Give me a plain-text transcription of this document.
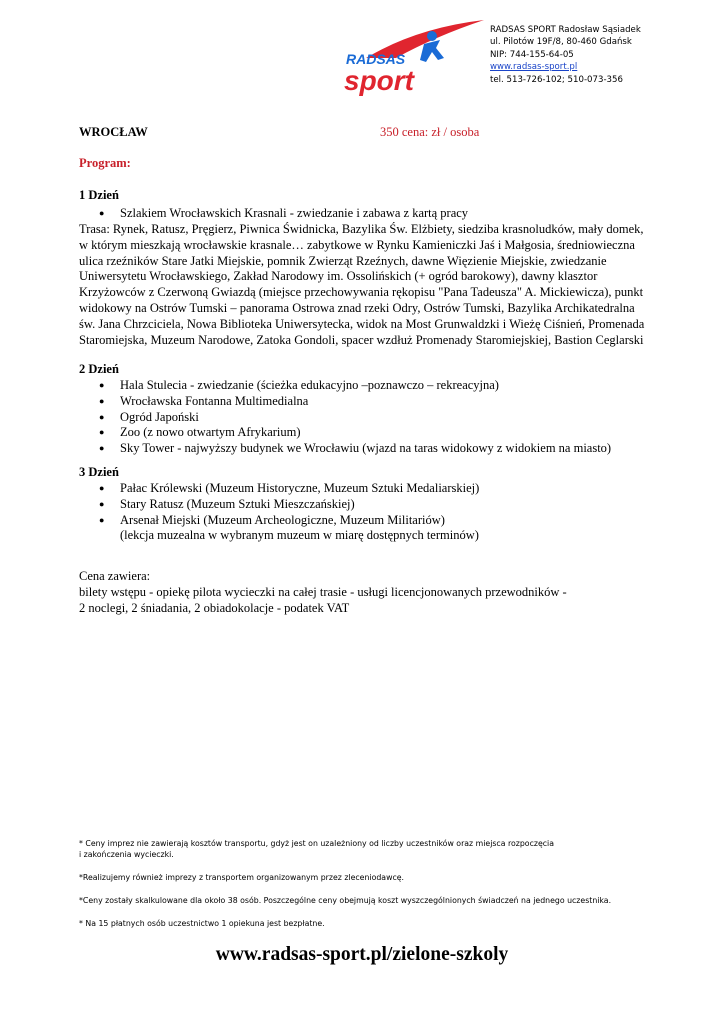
RADSAS
sport
RADSAS SPORT Radosław Sąsiadek
ul. Pilotów 19F/8, 80-460 Gdańsk
NIP: 744-155-64-05
www.radsas-sport.pl
tel. 513-726-102; 510-073-356
WROCŁAW	350 cena: zł / osoba
Program:
1 Dzień
● Szlakiem Wrocławskich Krasnali - zwiedzanie i zabawa z kartą pracy
Trasa: Rynek, Ratusz, Pręgierz, Piwnica Świdnicka, Bazylika Św. Elżbiety, siedziba krasnoludków, mały domek,
w którym mieszkają wrocławskie krasnale… zabytkowe w Rynku Kamieniczki Jaś i Małgosia, średniowieczna
ulica rzeźników Stare Jatki Miejskie, pomnik Zwierząt Rzeźnych, dawne Więzienie Miejskie, zwiedzanie
Uniwersytetu Wrocławskiego, Zakład Narodowy im. Ossolińskich (+ ogród barokowy), dawny klasztor
Krzyżowców z Czerwoną Gwiazdą (miejsce przechowywania rękopisu "Pana Tadeusza" A. Mickiewicza), punkt
widokowy na Ostrów Tumski – panorama Ostrowa znad rzeki Odry, Ostrów Tumski, Bazylika Archikatedralna
św. Jana Chrzciciela, Nowa Biblioteka Uniwersytecka, widok na Most Grunwaldzki i Wieżę Ciśnień, Promenada
Staromiejska, Muzeum Narodowe, Zatoka Gondoli, spacer wzdłuż Promenady Staromiejskiej, Bastion Ceglarski
2 Dzień
● Hala Stulecia - zwiedzanie (ścieżka edukacyjno –poznawczo – rekreacyjna)
● Wrocławska Fontanna Multimedialna
● Ogród Japoński
● Zoo (z nowo otwartym Afrykarium)
● Sky Tower - najwyższy budynek we Wrocławiu (wjazd na taras widokowy z widokiem na miasto)
3 Dzień
● Pałac Królewski (Muzeum Historyczne, Muzeum Sztuki Medaliarskiej)
● Stary Ratusz (Muzeum Sztuki Mieszczańskiej)
● Arsenał Miejski (Muzeum Archeologiczne, Muzeum Militariów)
(lekcja muzealna w wybranym muzeum w miarę dostępnych terminów)
Cena zawiera:
bilety wstępu - opiekę pilota wycieczki na całej trasie - usługi licencjonowanych przewodników -
2 noclegi, 2 śniadania, 2 obiadokolacje - podatek VAT

* Ceny imprez nie zawierają kosztów transportu, gdyż jest on uzależniony od liczby uczestników oraz miejsca rozpoczęcia
i zakończenia wycieczki.

*Realizujemy również imprezy z transportem organizowanym przez zleceniodawcę.

*Ceny zostały skalkulowane dla około 38 osób. Poszczególne ceny obejmują koszt wyszczególnionych świadczeń na jednego uczestnika.

* Na 15 płatnych osób uczestnictwo 1 opiekuna jest bezpłatne.

www.radsas-sport.pl/zielone-szkoly
